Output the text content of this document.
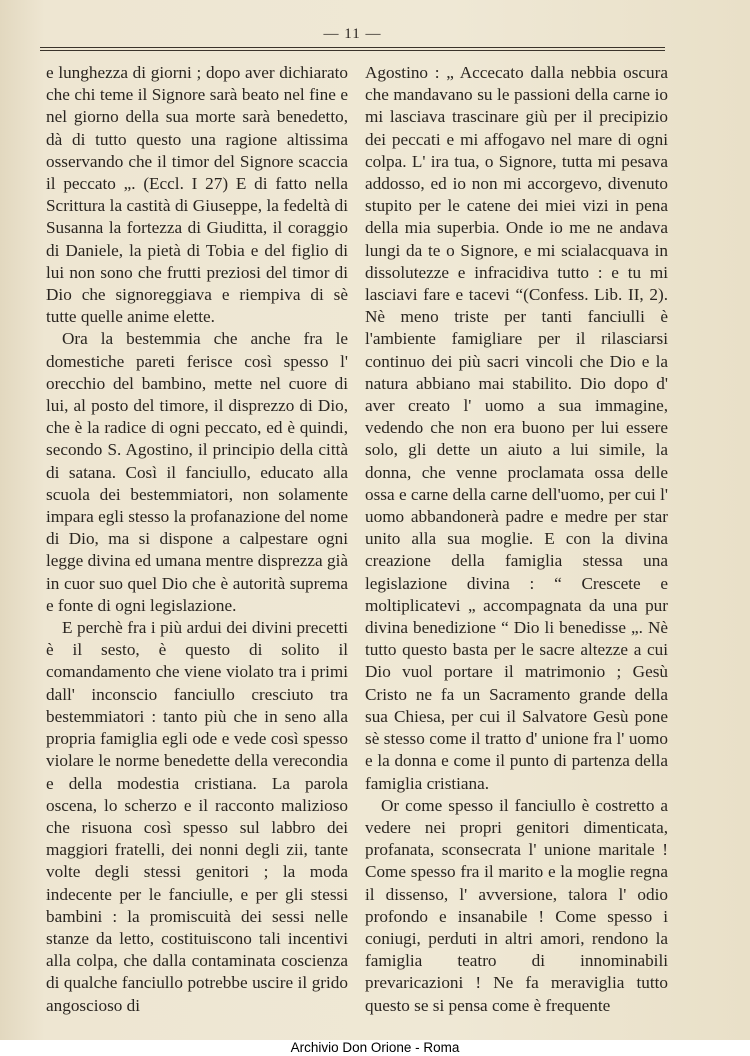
— 11 —

e lunghezza di giorni ; dopo aver dichiarato che chi teme il Signore sarà beato nel fine e nel giorno della sua morte sarà benedetto, dà di tutto questo una ragione altissima osservando che il timor del Signore scaccia il peccato „. (Eccl. I 27) E di fatto nella Scrittura la castità di Giuseppe, la fedeltà di Susanna la fortezza di Giuditta, il coraggio di Daniele, la pietà di Tobia e del figlio di lui non sono che frutti preziosi del timor di Dio che signoreggiava e riempiva di sè tutte quelle anime elette.

Ora la bestemmia che anche fra le domestiche pareti ferisce così spesso l' orecchio del bambino, mette nel cuore di lui, al posto del timore, il disprezzo di Dio, che è la radice di ogni peccato, ed è quindi, secondo S. Agostino, il principio della città di satana. Così il fanciullo, educato alla scuola dei bestemmiatori, non solamente impara egli stesso la profanazione del nome di Dio, ma si dispone a calpestare ogni legge divina ed umana mentre disprezza già in cuor suo quel Dio che è autorità suprema e fonte di ogni legislazione.

E perchè fra i più ardui dei divini precetti è il sesto, è questo di solito il comandamento che viene violato tra i primi dall' inconscio fanciullo cresciuto tra bestemmiatori : tanto più che in seno alla propria famiglia egli ode e vede così spesso violare le norme benedette della verecondia e della modestia cristiana. La parola oscena, lo scherzo e il racconto malizioso che risuona così spesso sul labbro dei maggiori fratelli, dei nonni degli zii, tante volte degli stessi genitori ; la moda indecente per le fanciulle, e per gli stessi bambini : la promiscuità dei sessi nelle stanze da letto, costituiscono tali incentivi alla colpa, che dalla contaminata coscienza di qualche fanciullo potrebbe uscire il grido angoscioso di

Agostino : „ Accecato dalla nebbia oscura che mandavano su le passioni della carne io mi lasciava trascinare giù per il precipizio dei peccati e mi affogavo nel mare di ogni colpa. L' ira tua, o Signore, tutta mi pesava addosso, ed io non mi accorgevo, divenuto stupito per le catene dei miei vizi in pena della mia superbia. Onde io me ne andava lungi da te o Signore, e mi scialacquava in dissolutezze e infracidiva tutto : e tu mi lasciavi fare e tacevi “(Confess. Lib. II, 2). Nè meno triste per tanti fanciulli è l'ambiente famigliare per il rilasciarsi continuo dei più sacri vincoli che Dio e la natura abbiano mai stabilito. Dio dopo d' aver creato l' uomo a sua immagine, vedendo che non era buono per lui essere solo, gli dette un aiuto a lui simile, la donna, che venne proclamata ossa delle ossa e carne della carne dell'uomo, per cui l' uomo abbandonerà padre e medre per star unito alla sua moglie. E con la divina creazione della famiglia stessa una legislazione divina : “ Crescete e moltiplicatevi „ accompagnata da una pur divina benedizione “ Dio li benedisse „. Nè tutto questo basta per le sacre altezze a cui Dio vuol portare il matrimonio ; Gesù Cristo ne fa un Sacramento grande della sua Chiesa, per cui il Salvatore Gesù pone sè stesso come il tratto d' unione fra l' uomo e la donna e come il punto di partenza della famiglia cristiana.

Or come spesso il fanciullo è costretto a vedere nei propri genitori dimenticata, profanata, sconsecrata l' unione maritale ! Come spesso fra il marito e la moglie regna il dissenso, l' avversione, talora l' odio profondo e insanabile ! Come spesso i coniugi, perduti in altri amori, rendono la famiglia teatro di innominabili prevaricazioni ! Ne fa meraviglia tutto questo se si pensa come è frequente

Archivio Don Orione - Roma
